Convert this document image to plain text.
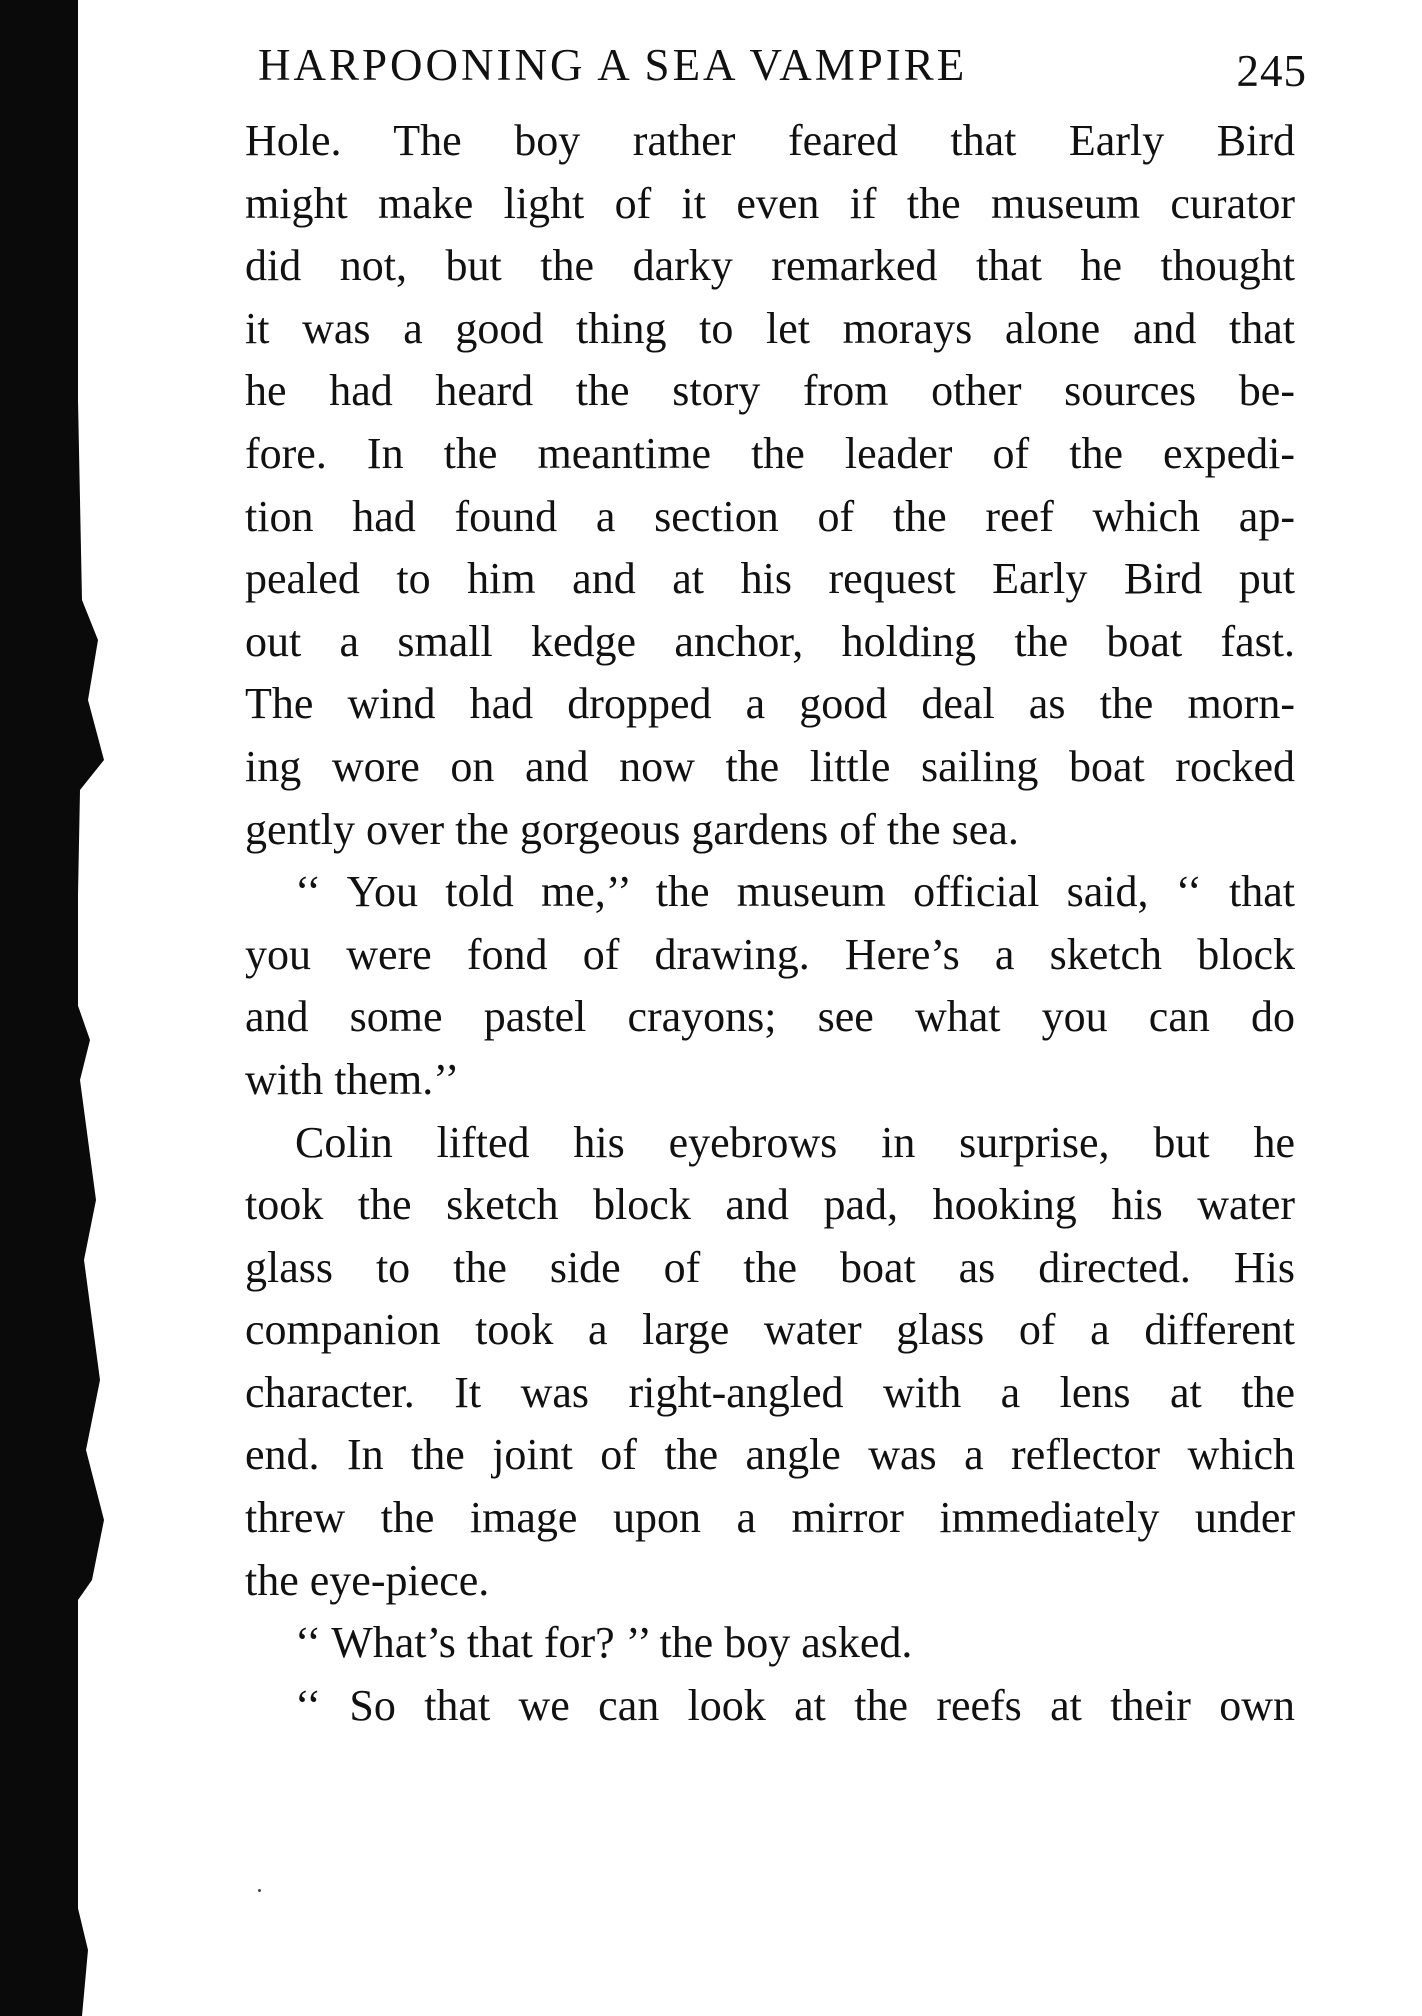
HARPOONING A SEA VAMPIRE	245
Hole. The boy rather feared that Early Bird
might make light of it even if the museum curator
did not, but the darky remarked that he thought
it was a good thing to let morays alone and that
he had heard the story from other sources be-
fore. In the meantime the leader of the expedi-
tion had found a section of the reef which ap-
pealed to him and at his request Early Bird put
out a small kedge anchor, holding the boat fast.
The wind had dropped a good deal as the morn-
ing wore on and now the little sailing boat rocked
gently over the gorgeous gardens of the sea.
‘‘ You told me,’’ the museum official said, ‘‘ that
you were fond of drawing. Here’s a sketch block
and some pastel crayons; see what you can do
with them.’’
Colin lifted his eyebrows in surprise, but he
took the sketch block and pad, hooking his water
glass to the side of the boat as directed. His
companion took a large water glass of a different
character. It was right-angled with a lens at the
end. In the joint of the angle was a reflector which
threw the image upon a mirror immediately under
the eye-piece.
‘‘ What’s that for? ’’ the boy asked.
‘‘ So that we can look at the reefs at their own
